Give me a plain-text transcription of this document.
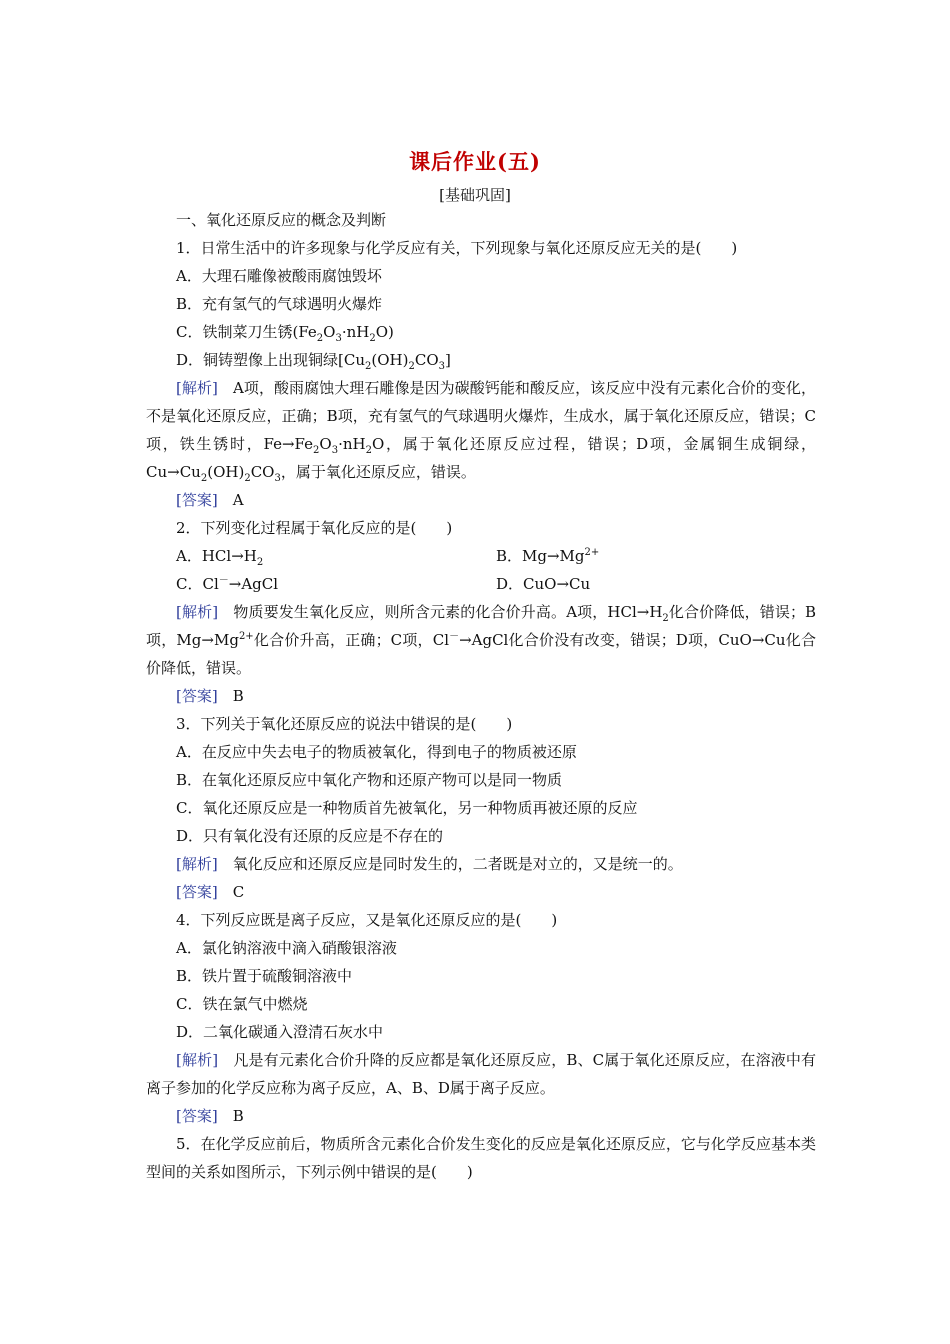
课后作业(五)
[基础巩固]
一、氧化还原反应的概念及判断
1．日常生活中的许多现象与化学反应有关，下列现象与氧化还原反应无关的是(　　)
A．大理石雕像被酸雨腐蚀毁坏
B．充有氢气的气球遇明火爆炸
C．铁制菜刀生锈$(Fe_2O_3\cdot nH_2O)$
D．铜铸塑像上出现铜绿$[Cu_2(OH)_2CO_3]$
[解析]　 A项，酸雨腐蚀大理石雕像是因为碳酸钙能和酸反应，该反应中没有元素化合价的变化，不是氧化还原反应，正确；B项，充有氢气的气球遇明火爆炸，生成水，属于氧化还原反应，错误；C项，铁生锈时，$Fe\to Fe_2O_3\cdot nH_2O$，属于氧化还原反应过程，错误；D项，金属铜生成铜绿，$Cu\to Cu_2(OH)_2CO_3$，属于氧化还原反应，错误。
[答案]　 A
2．下列变化过程属于氧化反应的是(　　)
A．$HCl\to H_2$	B．$Mg\to Mg^{2+}$
C．Cl－→AgCl	D．CuO→Cu
[解析]　 物质要发生氧化反应，则所含元素的化合价升高。A项，$HCl\to H_2$化合价降低，错误；B项，$Mg\to Mg^{2+}$化合价升高，正确；C项，Cl－→AgCl化合价没有改变，错误；D项，CuO→Cu化合价降低，错误。
[答案]　 B
3．下列关于氧化还原反应的说法中错误的是(　　)
A．在反应中失去电子的物质被氧化，得到电子的物质被还原
B．在氧化还原反应中氧化产物和还原产物可以是同一物质
C．氧化还原反应是一种物质首先被氧化，另一种物质再被还原的反应
D．只有氧化没有还原的反应是不存在的
[解析]　 氧化反应和还原反应是同时发生的，二者既是对立的，又是统一的。
[答案]　 C
4．下列反应既是离子反应，又是氧化还原反应的是(　　)
A．氯化钠溶液中滴入硝酸银溶液
B．铁片置于硫酸铜溶液中
C．铁在氯气中燃烧
D．二氧化碳通入澄清石灰水中
[解析]　 凡是有元素化合价升降的反应都是氧化还原反应，B、C属于氧化还原反应，在溶液中有离子参加的化学反应称为离子反应，A、B、D属于离子反应。
[答案]　 B
5．在化学反应前后，物质所含元素化合价发生变化的反应是氧化还原反应，它与化学反应基本类型间的关系如图所示，下列示例中错误的是(　　)
